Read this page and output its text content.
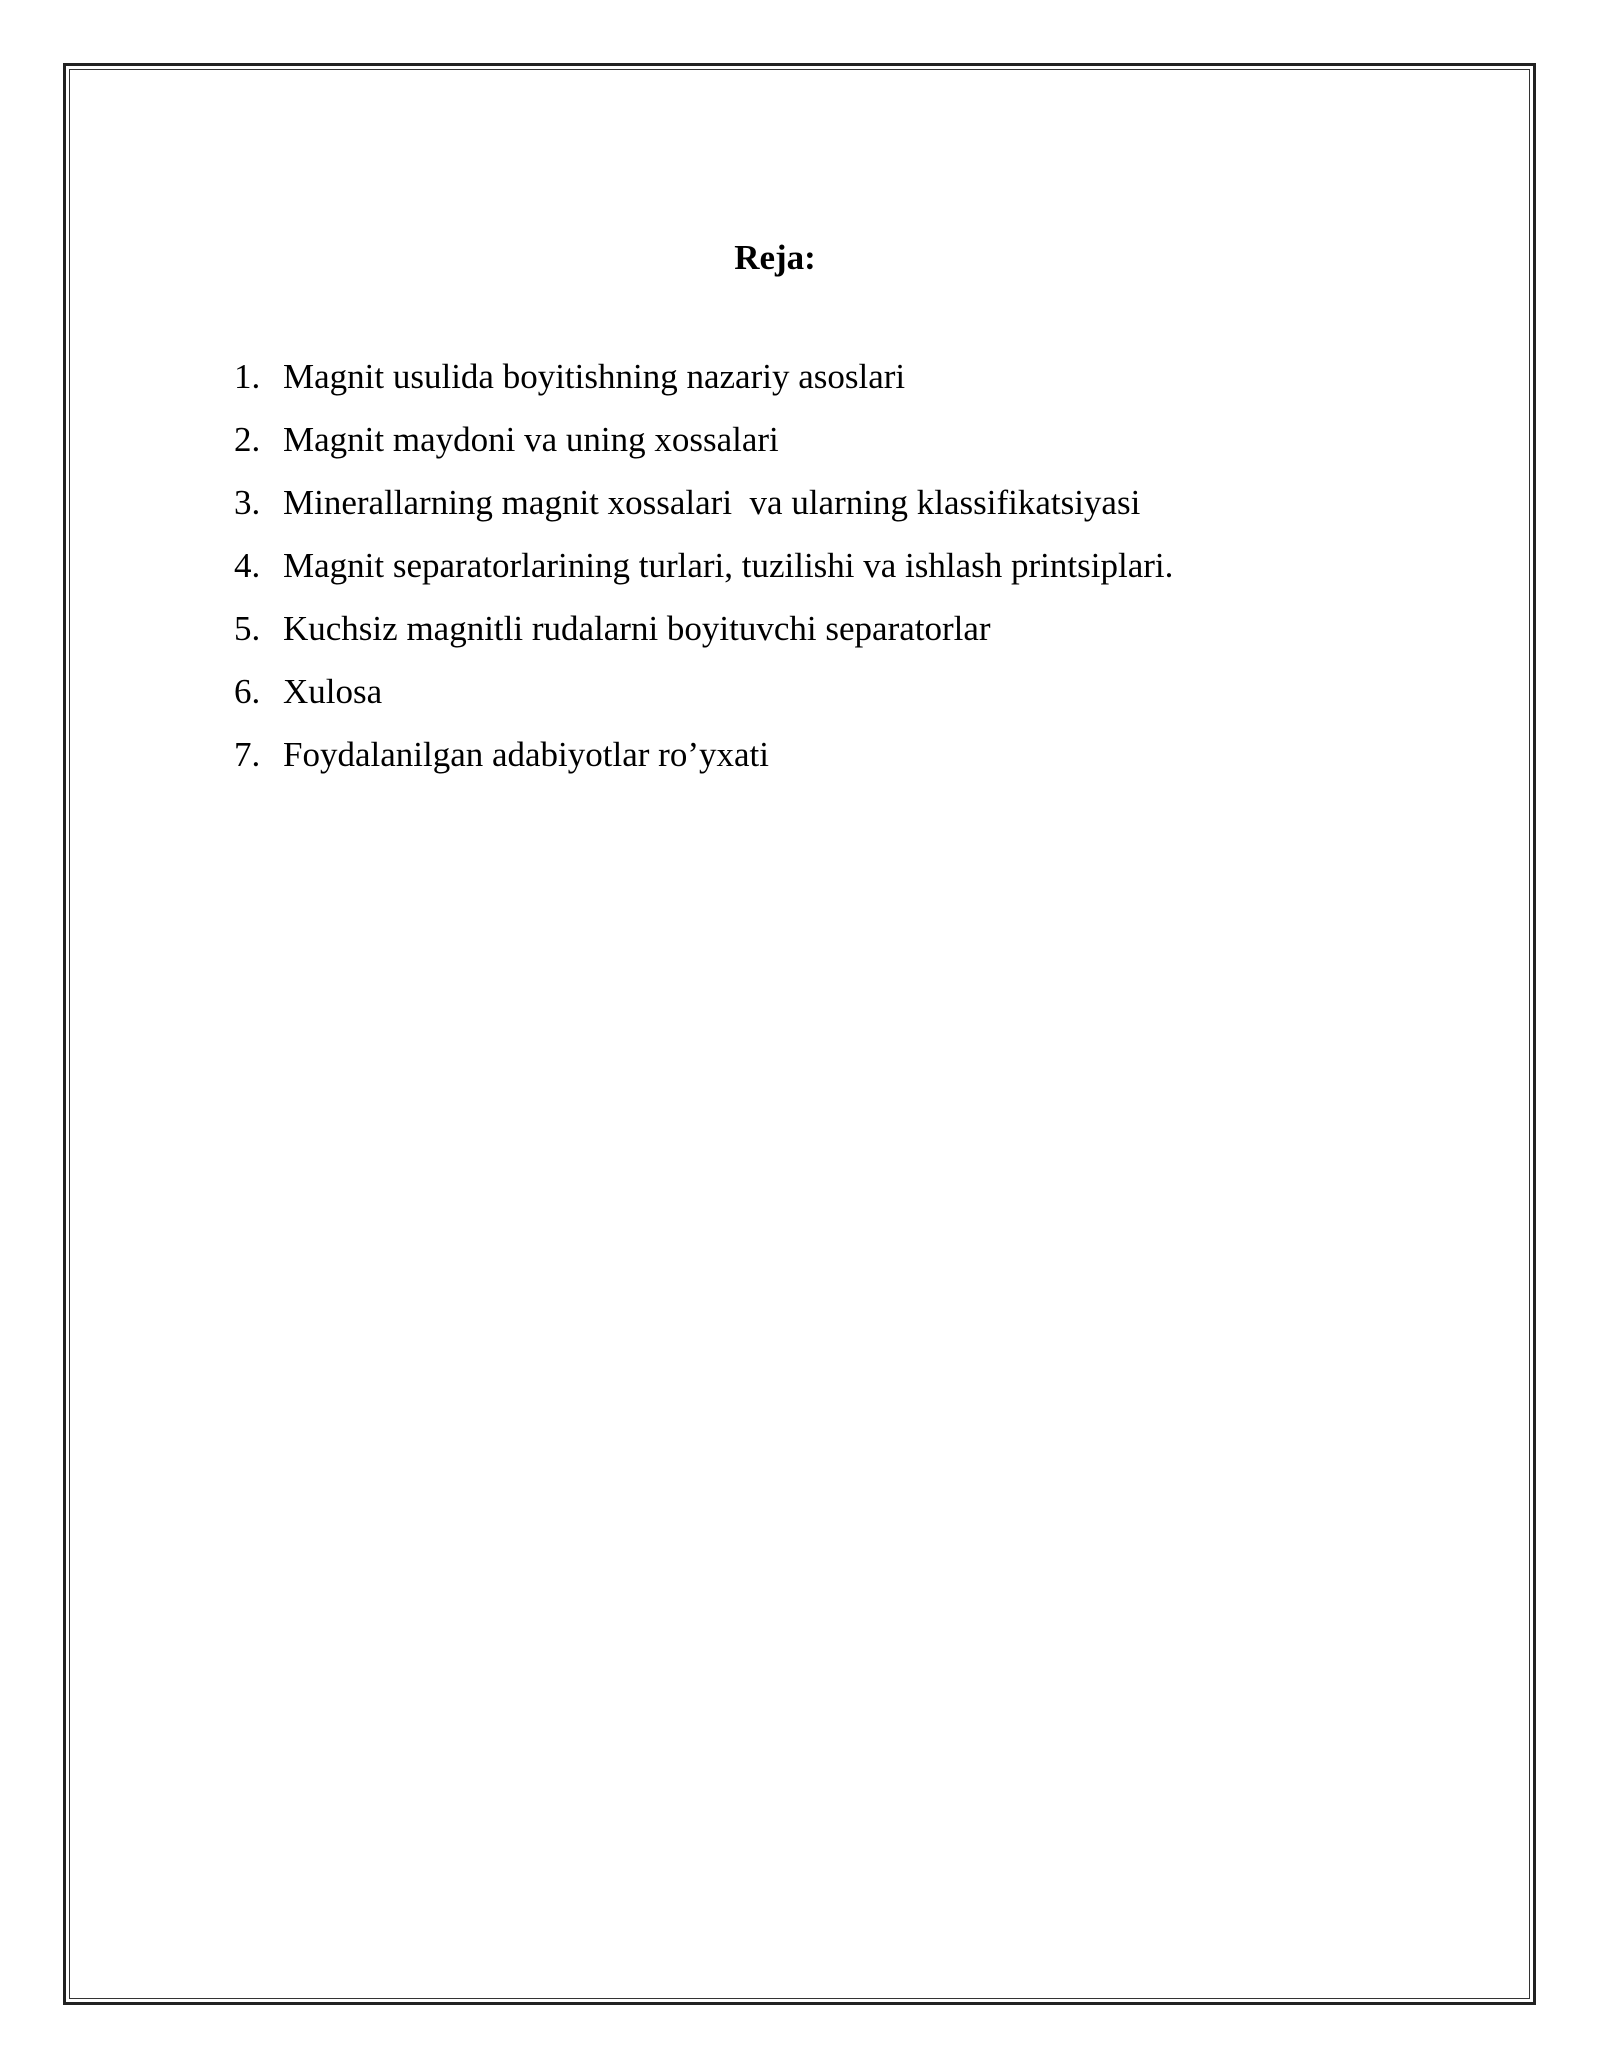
Reja:
1. Magnit usulida boyitishning nazariy asoslari
2. Magnit maydoni va uning xossalari
3. Minerallarning magnit xossalari  va ularning klassifikatsiyasi
4. Magnit separatorlarining turlari, tuzilishi va ishlash printsiplari.
5. Kuchsiz magnitli rudalarni boyituvchi separatorlar
6. Xulosa
7. Foydalanilgan adabiyotlar ro’yxati
